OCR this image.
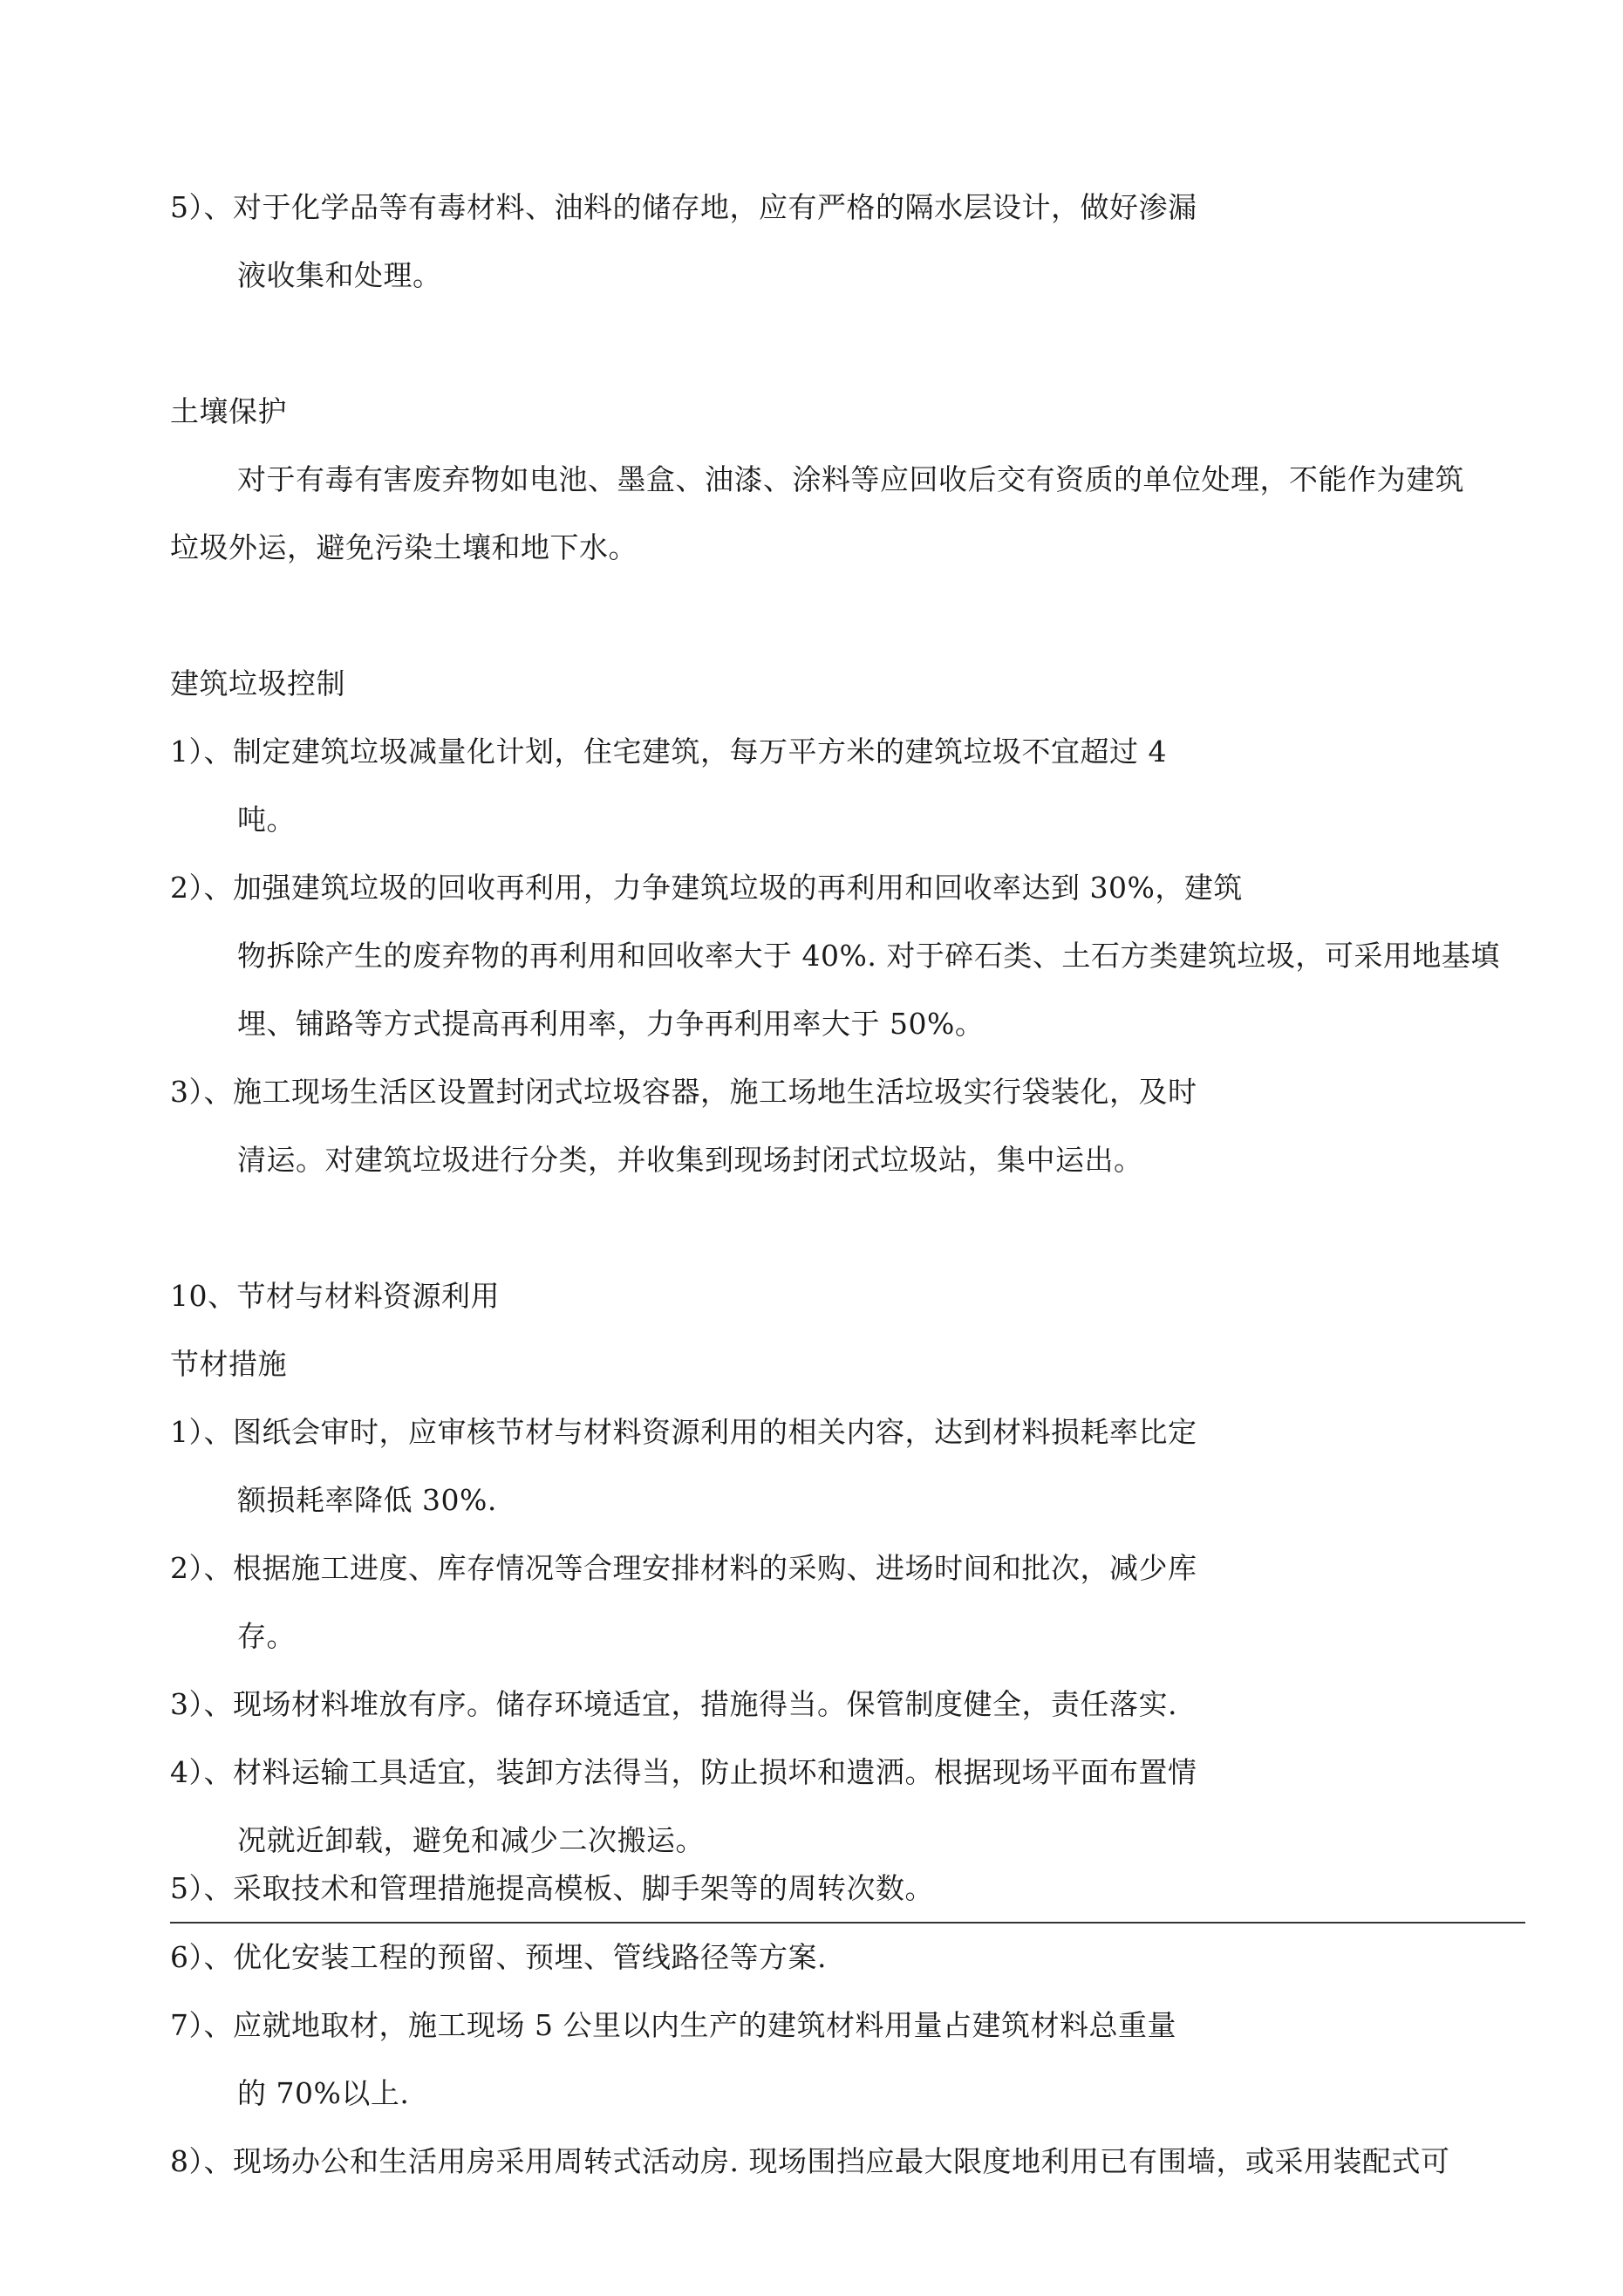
5）、对于化学品等有毒材料、油料的储存地，应有严格的隔水层设计，做好渗漏
液收集和处理。
土壤保护
对于有毒有害废弃物如电池、墨盒、油漆、涂料等应回收后交有资质的单位处理，不能作为建筑
垃圾外运，避免污染土壤和地下水。
建筑垃圾控制
1）、制定建筑垃圾减量化计划，住宅建筑，每万平方米的建筑垃圾不宜超过 4
吨。
2）、加强建筑垃圾的回收再利用，力争建筑垃圾的再利用和回收率达到 30%，建筑
物拆除产生的废弃物的再利用和回收率大于 40%. 对于碎石类、土石方类建筑垃圾，可采用地基填
埋、铺路等方式提高再利用率，力争再利用率大于 50%。
3）、施工现场生活区设置封闭式垃圾容器，施工场地生活垃圾实行袋装化，及时
清运。对建筑垃圾进行分类，并收集到现场封闭式垃圾站，集中运出。
10、节材与材料资源利用
节材措施
1）、图纸会审时，应审核节材与材料资源利用的相关内容，达到材料损耗率比定
额损耗率降低 30%.
2）、根据施工进度、库存情况等合理安排材料的采购、进场时间和批次，减少库
存。
3）、现场材料堆放有序。储存环境适宜，措施得当。保管制度健全，责任落实.
4）、材料运输工具适宜，装卸方法得当，防止损坏和遗洒。根据现场平面布置情
况就近卸载，避免和减少二次搬运。
5）、采取技术和管理措施提高模板、脚手架等的周转次数。
6）、优化安装工程的预留、预埋、管线路径等方案.
7）、应就地取材，施工现场 5 公里以内生产的建筑材料用量占建筑材料总重量
的 70%以上.
8）、现场办公和生活用房采用周转式活动房. 现场围挡应最大限度地利用已有围墙，或采用装配式可
